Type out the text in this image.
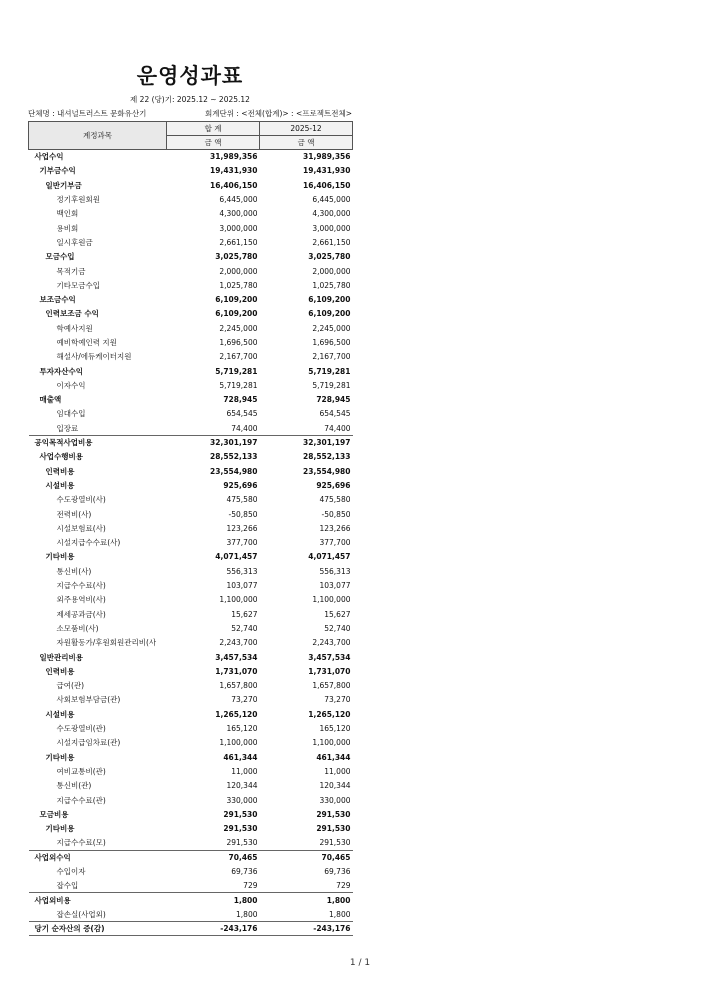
운영성과표
제 22 (당)기: 2025.12 ~ 2025.12
단체명 : 내셔널트러스트 문화유산기	회계단위 : <전체(합계)> : <프로젝트전체>
계정과목	합 계	2025-12
	금 액	금 액
사업수익	31,989,356	31,989,356
기부금수익	19,431,930	19,431,930
일반기부금	16,406,150	16,406,150
정기후원회원	6,445,000	6,445,000
백인회	4,300,000	4,300,000
용비회	3,000,000	3,000,000
일시후원금	2,661,150	2,661,150
모금수입	3,025,780	3,025,780
목적기금	2,000,000	2,000,000
기타모금수입	1,025,780	1,025,780
보조금수익	6,109,200	6,109,200
인력보조금 수익	6,109,200	6,109,200
학예사지원	2,245,000	2,245,000
예비학예인력 지원	1,696,500	1,696,500
해설사/에듀케이터지원	2,167,700	2,167,700
투자자산수익	5,719,281	5,719,281
이자수익	5,719,281	5,719,281
매출액	728,945	728,945
임대수입	654,545	654,545
입장료	74,400	74,400
공익목적사업비용	32,301,197	32,301,197
사업수행비용	28,552,133	28,552,133
인력비용	23,554,980	23,554,980
시설비용	925,696	925,696
수도광열비(사)	475,580	475,580
전력비(사)	-50,850	-50,850
시설보험료(사)	123,266	123,266
시설지급수수료(사)	377,700	377,700
기타비용	4,071,457	4,071,457
통신비(사)	556,313	556,313
지급수수료(사)	103,077	103,077
외주용역비(사)	1,100,000	1,100,000
제세공과금(사)	15,627	15,627
소모품비(사)	52,740	52,740
자원활동가/후원회원관리비(사	2,243,700	2,243,700
일반관리비용	3,457,534	3,457,534
인력비용	1,731,070	1,731,070
급여(관)	1,657,800	1,657,800
사회보험부담금(관)	73,270	73,270
시설비용	1,265,120	1,265,120
수도광열비(관)	165,120	165,120
시설지급임차료(관)	1,100,000	1,100,000
기타비용	461,344	461,344
여비교통비(관)	11,000	11,000
통신비(관)	120,344	120,344
지급수수료(관)	330,000	330,000
모금비용	291,530	291,530
기타비용	291,530	291,530
지급수수료(모)	291,530	291,530
사업외수익	70,465	70,465
수입이자	69,736	69,736
잡수입	729	729
사업외비용	1,800	1,800
잡손실(사업외)	1,800	1,800
당기 순자산의 증(감)	-243,176	-243,176
1 / 1
